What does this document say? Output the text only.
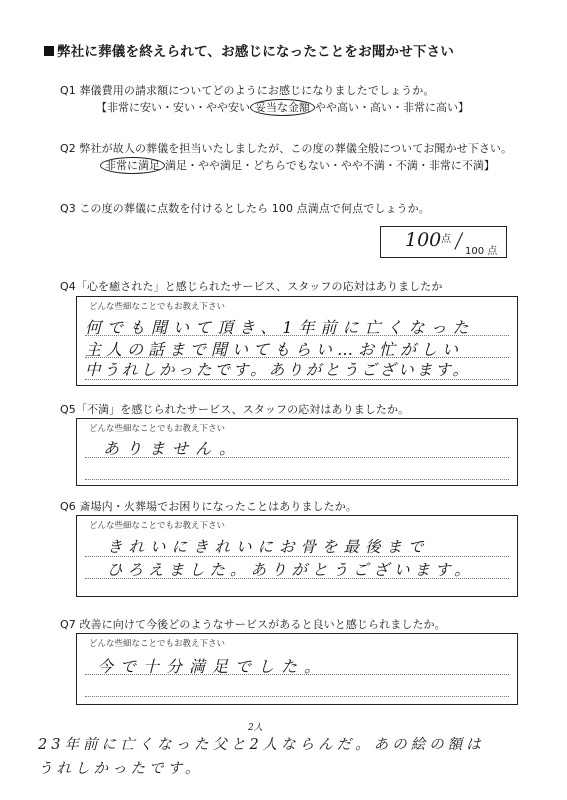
弊社に葬儀を終えられて、お感じになったことをお聞かせ下さい
Q1 葬儀費用の請求額についてどのようにお感じになりましたでしょうか。
【非常に安い・安い・やや安い 妥当な金額 やや高い・高い・非常に高い】
Q2 弊社が故人の葬儀を担当いたしましたが、この度の葬儀全般についてお聞かせ下さい。
非常に満足 満足・やや満足・どちらでもない・やや不満・不満・非常に不満】
Q3 この度の葬儀に点数を付けるとしたら 100 点満点で何点でしょうか。
100 点 / 100 点
Q4「心を癒された」と感じられたサービス、スタッフの応対はありましたか
どんな些細なことでもお教え下さい
何でも聞いて頂き、1年前に亡くなった
主人の話まで聞いてもらい…お忙がしい
中うれしかったです。ありがとうございます。
Q5「不満」を感じられたサービス、スタッフの応対はありましたか。
どんな些細なことでもお教え下さい
ありません。
Q6 斎場内・火葬場でお困りになったことはありましたか。
どんな些細なことでもお教え下さい
きれいにきれいにお骨を最後まで
ひろえました。ありがとうございます。
Q7 改善に向けて今後どのようなサービスがあると良いと感じられましたか。
どんな些細なことでもお教え下さい
今で十分満足でした。
2人
23年前に亡くなった父と2人ならんだ。あの絵の額は
うれしかったです。
